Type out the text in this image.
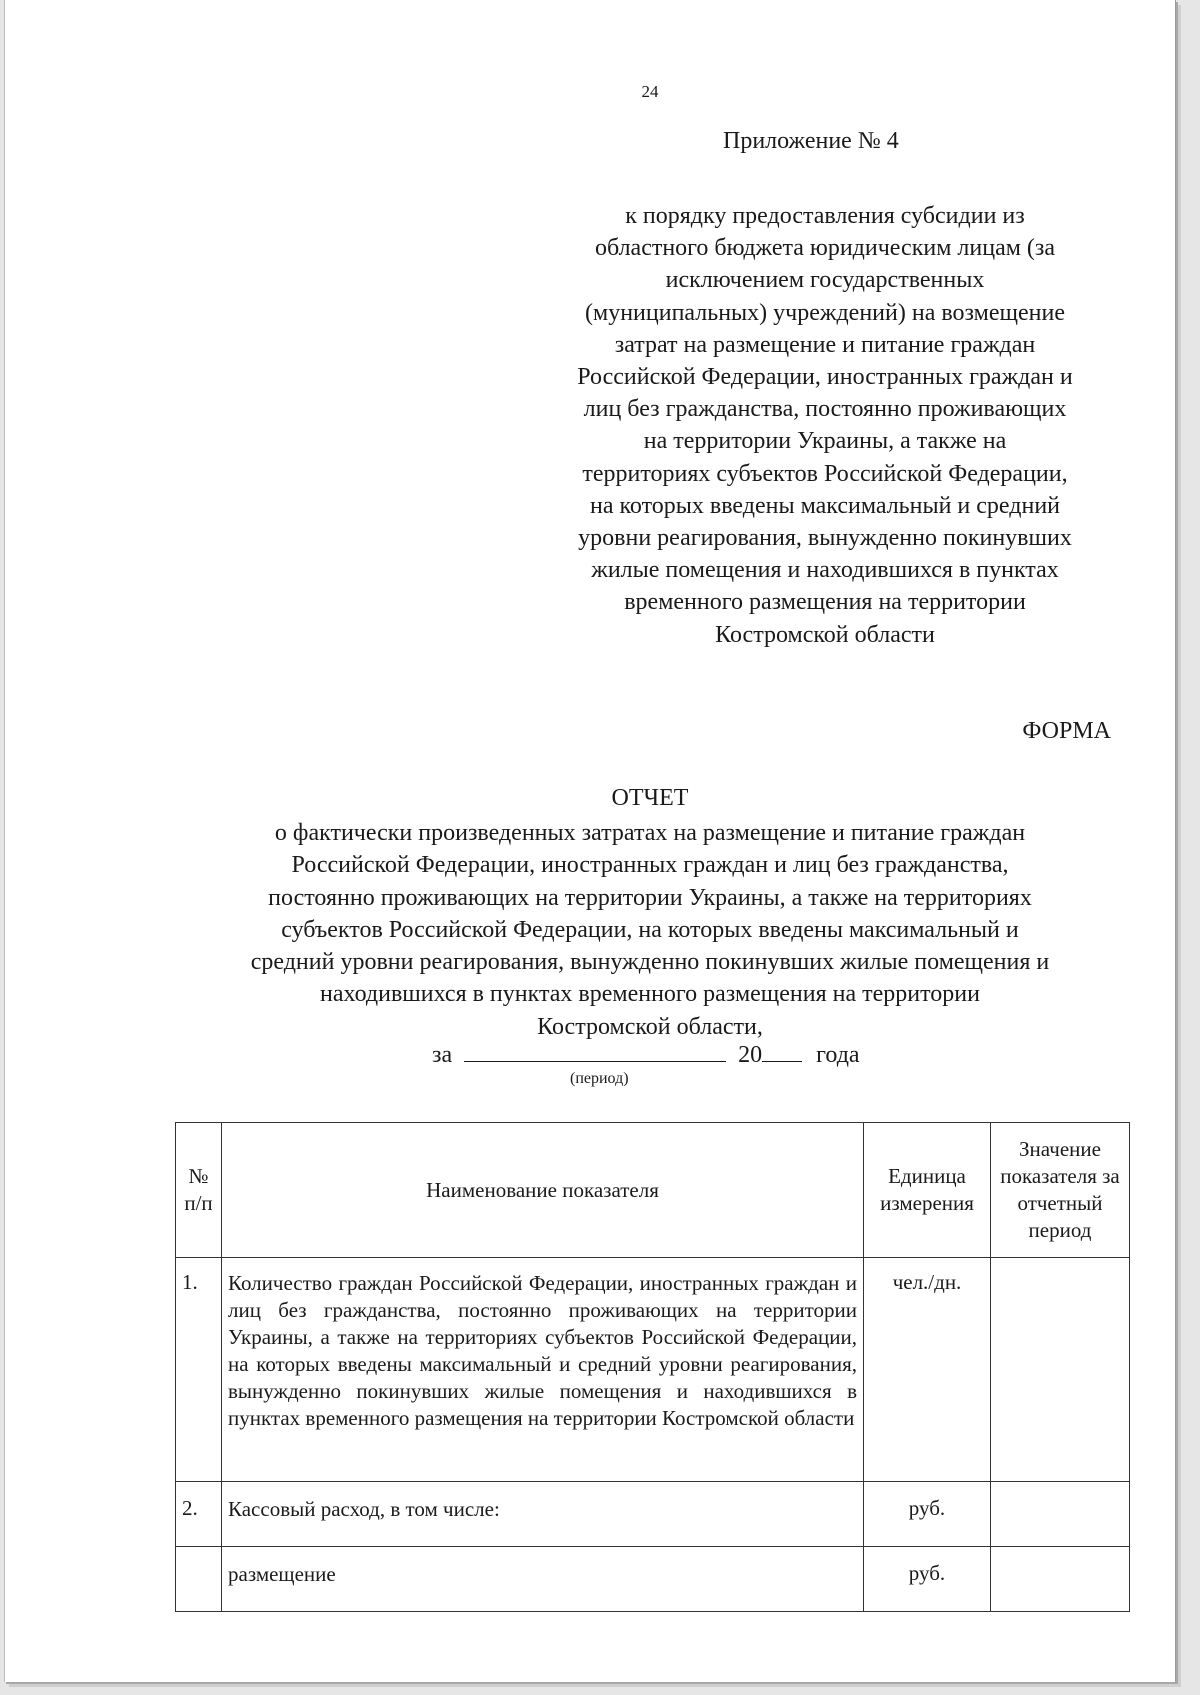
24
Приложение № 4
к порядку предоставления субсидии из
областного бюджета юридическим лицам (за
исключением государственных
(муниципальных) учреждений) на возмещение
затрат на размещение и питание граждан
Российской Федерации, иностранных граждан и
лиц без гражданства, постоянно проживающих
на территории Украины, а также на
территориях субъектов Российской Федерации,
на которых введены максимальный и средний
уровни реагирования, вынужденно покинувших
жилые помещения и находившихся в пунктах
временного размещения на территории
Костромской области
ФОРМА
ОТЧЕТ
о фактически произведенных затратах на размещение и питание граждан
Российской Федерации, иностранных граждан и лиц без гражданства,
постоянно проживающих на территории Украины, а также на территориях
субъектов Российской Федерации, на которых введены максимальный и
средний уровни реагирования, вынужденно покинувших жилые помещения и
находившихся в пунктах временного размещения на территории
Костромской области,
за	20 года
(период)
№ п/п	Наименование показателя	Единица измерения	Значение показателя за отчетный период
1.	Количество граждан Российской Федерации, иностранных граждан и лиц без гражданства, постоянно проживающих на территории Украины, а также на территориях субъектов Российской Федерации, на которых введены максимальный и средний уровни реагирования, вынужденно покинувших жилые помещения и находившихся в пунктах временного размещения на территории Костромской области	чел./дн.	
2.	Кассовый расход, в том числе:	руб.	
	размещение	руб.	
